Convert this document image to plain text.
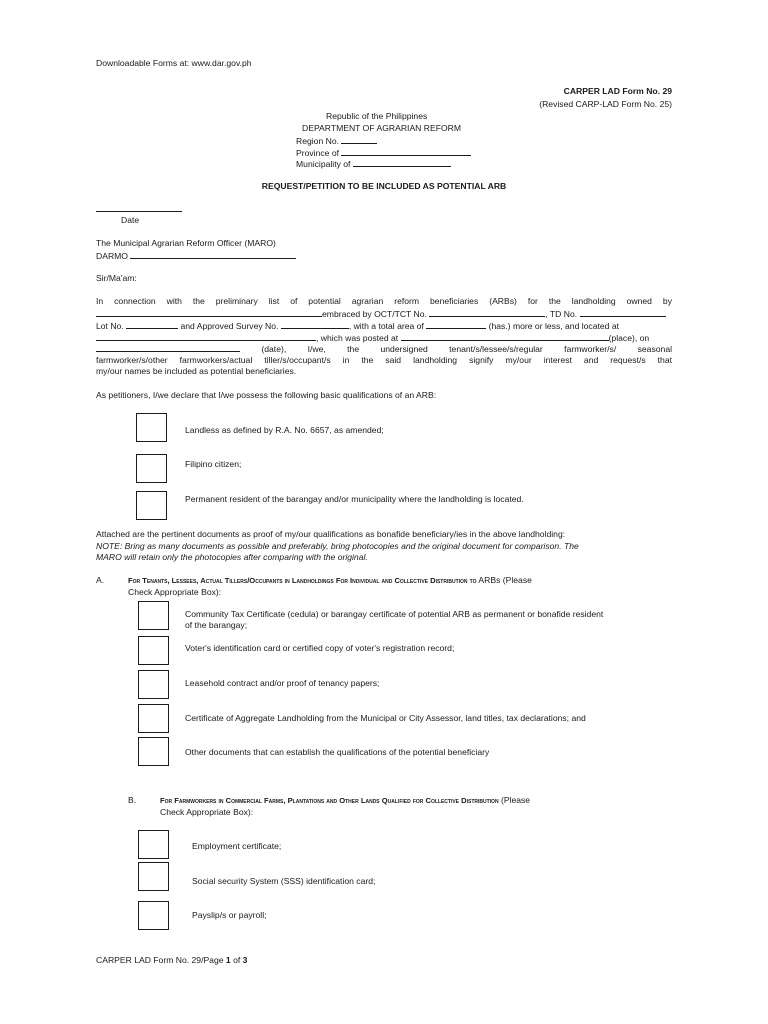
Downloadable Forms at: www.dar.gov.ph
CARPER LAD Form No. 29
(Revised CARP-LAD Form No. 25)
Republic of the Philippines
DEPARTMENT OF AGRARIAN REFORM
Region No.
Province of
Municipality of
REQUEST/PETITION TO BE INCLUDED AS POTENTIAL ARB
Date
The Municipal Agrarian Reform Officer (MARO)
DARMO
Sir/Ma'am:
In connection with the preliminary list of potential agrarian reform beneficiaries (ARBs) for the landholding owned by
embraced by OCT/TCT No.	, TD No.
Lot No.	and Approved Survey No.	, with a total area of	(has.) more or less, and located at
, which was posted at	(place), on
(date), I/we, the undersigned tenant/s/lessee/s/regular farmworker/s/ seasonal
farmworker/s/other farmworkers/actual tiller/s/occupant/s in the said landholding signify my/our interest and request/s that
my/our names be included as potential beneficiaries.
As petitioners, I/we declare that I/we possess the following basic qualifications of an ARB:
Landless as defined by R.A. No. 6657, as amended;
Filipino citizen;
Permanent resident of the barangay and/or municipality where the landholding is located.
Attached are the pertinent documents as proof of my/our qualifications as bonafide beneficiary/ies in the above landholding:
NOTE: Bring as many documents as possible and preferably, bring photocopies and the original document for comparison. The
MARO will retain only the photocopies after comparing with the original.
A.	For Tenants, Lessees, Actual Tillers/Occupants in Landholdings For Individual and Collective Distribution to ARBs (Please
Check Appropriate Box):
Community Tax Certificate (cedula) or barangay certificate of potential ARB as permanent or bonafide resident
of the barangay;
Voter's identification card or certified copy of voter's registration record;
Leasehold contract and/or proof of tenancy papers;
Certificate of Aggregate Landholding from the Municipal or City Assessor, land titles, tax declarations; and
Other documents that can establish the qualifications of the potential beneficiary
B.	For Farmworkers in Commercial Farms, Plantations and Other Lands Qualified for Collective Distribution (Please
Check Appropriate Box):
Employment certificate;
Social security System (SSS) identification card;
Payslip/s or payroll;
CARPER LAD Form No. 29/Page 1 of 3
